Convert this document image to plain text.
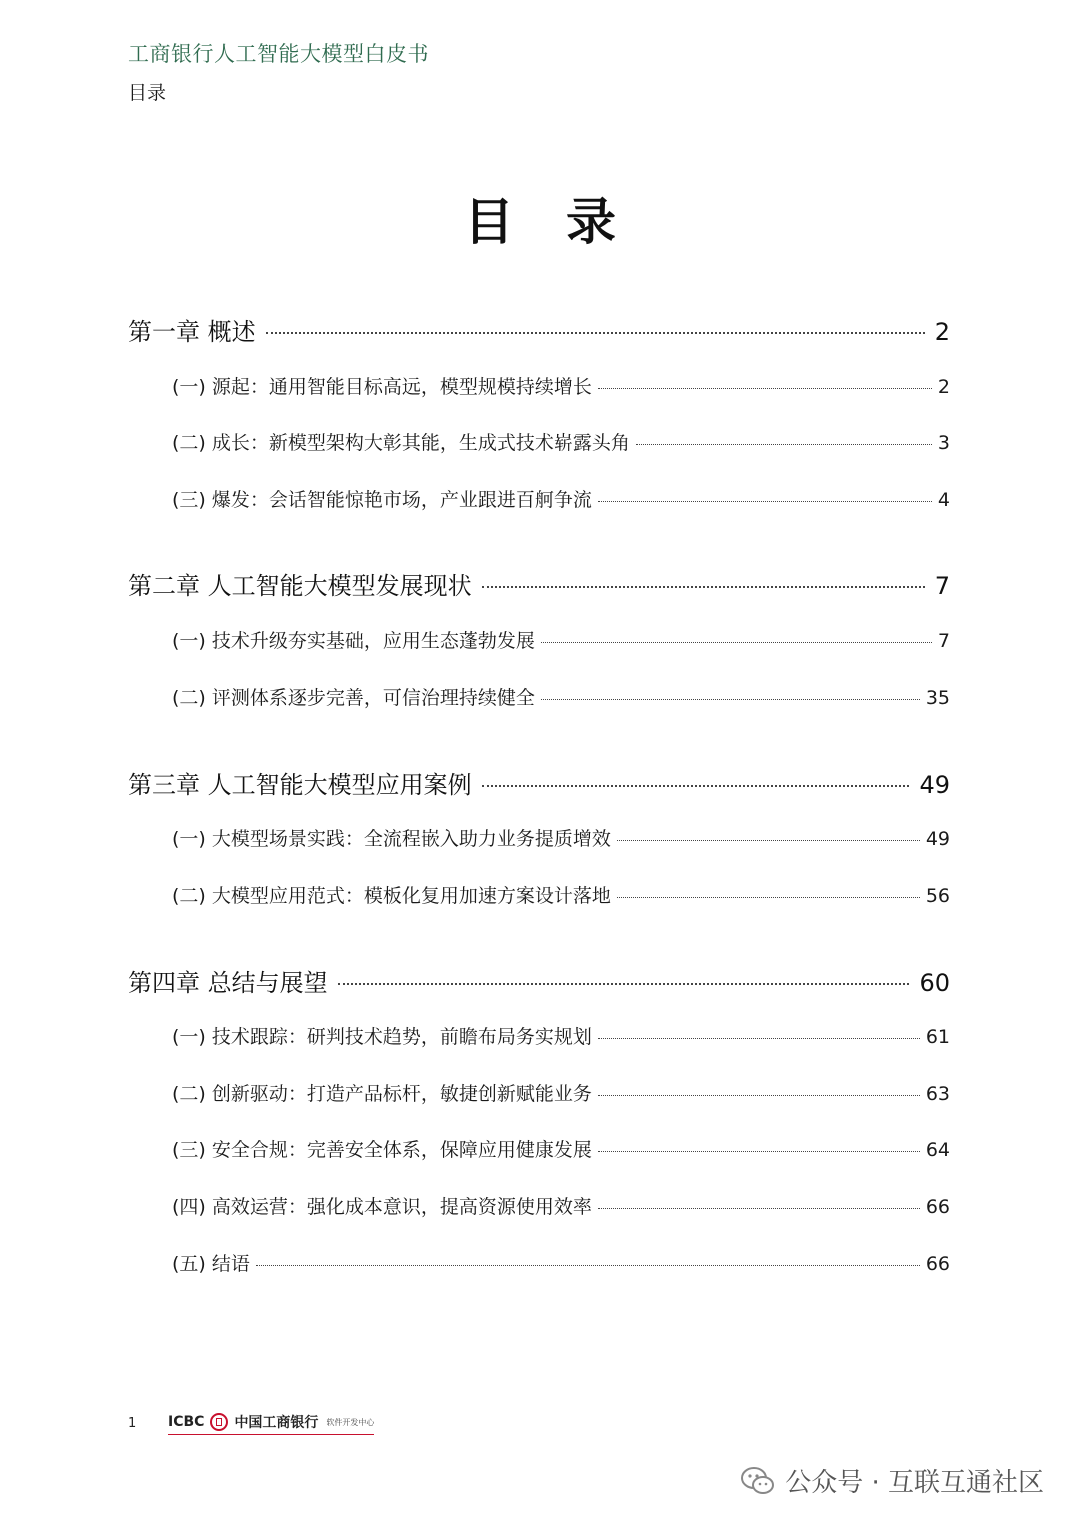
工商银行人工智能大模型白皮书
目录
目 录
第一章 概述	2
(一) 源起：通用智能目标高远，模型规模持续增长	2
(二) 成长：新模型架构大彰其能，生成式技术崭露头角	3
(三) 爆发：会话智能惊艳市场，产业跟进百舸争流	4
第二章 人工智能大模型发展现状	7
(一) 技术升级夯实基础，应用生态蓬勃发展	7
(二) 评测体系逐步完善，可信治理持续健全	35
第三章 人工智能大模型应用案例	49
(一) 大模型场景实践：全流程嵌入助力业务提质增效	49
(二) 大模型应用范式：模板化复用加速方案设计落地	56
第四章 总结与展望	60
(一) 技术跟踪：研判技术趋势，前瞻布局务实规划	61
(二) 创新驱动：打造产品标杆，敏捷创新赋能业务	63
(三) 安全合规：完善安全体系，保障应用健康发展	64
(四) 高效运营：强化成本意识，提高资源使用效率	66
(五) 结语	66
1	ICBC 中国工商银行 软件开发中心
公众号 · 互联互通社区
